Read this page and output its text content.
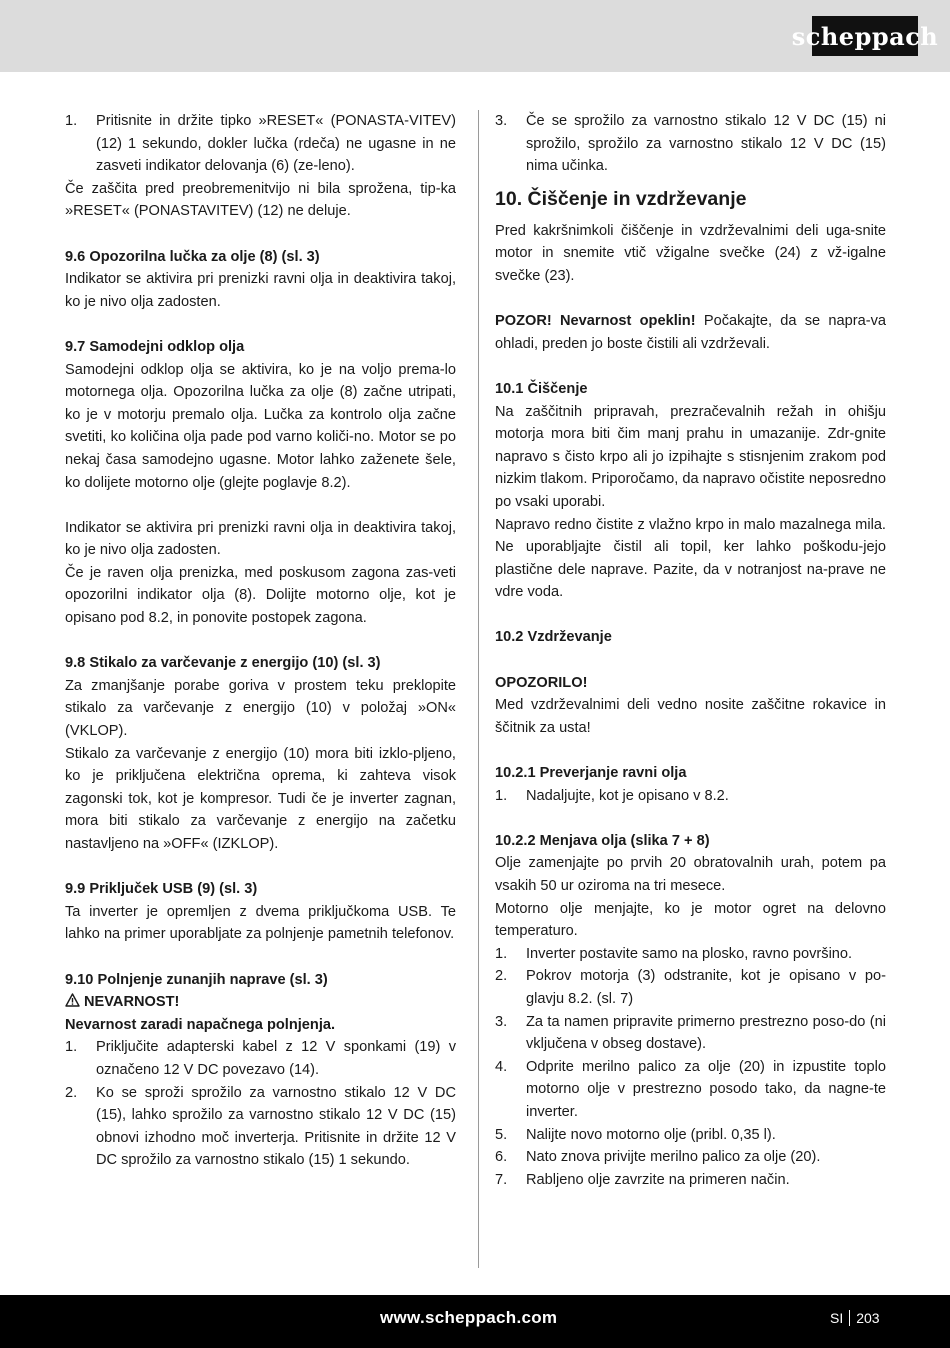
scheppach
1.	Pritisnite in držite tipko »RESET« (PONASTA-VITEV) (12) 1 sekundo, dokler lučka (rdeča) ne ugasne in ne zasveti indikator delovanja (6) (ze-leno).

Če zaščita pred preobremenitvijo ni bila sprožena, tip-ka »RESET« (PONASTAVITEV) (12) ne deluje.

9.6 Opozorilna lučka za olje (8) (sl. 3)

Indikator se aktivira pri prenizki ravni olja in deaktivira takoj, ko je nivo olja zadosten.

9.7 Samodejni odklop olja

Samodejni odklop olja se aktivira, ko je na voljo prema-lo motornega olja. Opozorilna lučka za olje (8) začne utripati, ko je v motorju premalo olja. Lučka za kontrolo olja začne svetiti, ko količina olja pade pod varno količi-no. Motor se po nekaj časa samodejno ugasne. Motor lahko zaženete šele, ko dolijete motorno olje (glejte poglavje 8.2).

Indikator se aktivira pri prenizki ravni olja in deaktivira takoj, ko je nivo olja zadosten.

Če je raven olja prenizka, med poskusom zagona zas-veti opozorilni indikator olja (8). Dolijte motorno olje, kot je opisano pod 8.2, in ponovite postopek zagona.

9.8 Stikalo za varčevanje z energijo (10) (sl. 3)

Za zmanjšanje porabe goriva v prostem teku preklopite stikalo za varčevanje z energijo (10) v položaj »ON« (VKLOP).

Stikalo za varčevanje z energijo (10) mora biti izklo-pljeno, ko je priključena električna oprema, ki zahteva visok zagonski tok, kot je kompresor. Tudi če je inverter zagnan, mora biti stikalo za varčevanje z energijo na začetku nastavljeno na »OFF« (IZKLOP).

9.9 Priključek USB (9) (sl. 3)

Ta inverter je opremljen z dvema priključkoma USB. Te lahko na primer uporabljate za polnjenje pametnih telefonov.

9.10 Polnjenje zunanjih naprave (sl. 3)

NEVARNOST!

Nevarnost zaradi napačnega polnjenja.

1.	Priključite adapterski kabel z 12 V sponkami (19) v označeno 12 V DC povezavo (14).
2.	Ko se sproži sprožilo za varnostno stikalo 12 V DC (15), lahko sprožilo za varnostno stikalo 12 V DC (15) obnovi izhodno moč inverterja. Pritisnite in držite 12 V DC sprožilo za varnostno stikalo (15) 1 sekundo.
3.	Če se sprožilo za varnostno stikalo 12 V DC (15) ni sprožilo, sprožilo za varnostno stikalo 12 V DC (15) nima učinka.
10. Čiščenje in vzdrževanje

Pred kakršnimkoli čiščenje in vzdrževalnimi deli uga-snite motor in snemite vtič vžigalne svečke (24) z vž-igalne svečke (23).

POZOR! Nevarnost opeklin! Počakajte, da se napra-va ohladi, preden jo boste čistili ali vzdrževali.

10.1 Čiščenje

Na zaščitnih pripravah, prezračevalnih režah in ohišju motorja mora biti čim manj prahu in umazanije. Zdr-gnite napravo s čisto krpo ali jo izpihajte s stisnjenim zrakom pod nizkim tlakom. Priporočamo, da napravo očistite neposredno po vsaki uporabi.

Napravo redno čistite z vlažno krpo in malo mazalnega mila. Ne uporabljajte čistil ali topil, ker lahko poškodu-jejo plastične dele naprave. Pazite, da v notranjost na-prave ne vdre voda.

10.2 Vzdrževanje

OPOZORILO!

Med vzdrževalnimi deli vedno nosite zaščitne rokavice in ščitnik za usta!

10.2.1 Preverjanje ravni olja

1.	Nadaljujte, kot je opisano v 8.2.

10.2.2 Menjava olja (slika 7 + 8)

Olje zamenjajte po prvih 20 obratovalnih urah, potem pa vsakih 50 ur oziroma na tri mesece.

Motorno olje menjajte, ko je motor ogret na delovno temperaturo.

1.	Inverter postavite samo na plosko, ravno površino.
2.	Pokrov motorja (3) odstranite, kot je opisano v po-glavju 8.2. (sl. 7)
3.	Za ta namen pripravite primerno prestrezno poso-do (ni vključena v obseg dostave).
4.	Odprite merilno palico za olje (20) in izpustite toplo motorno olje v prestrezno posodo tako, da nagne-te inverter.
5.	Nalijte novo motorno olje (pribl. 0,35 l).
6.	Nato znova privijte merilno palico za olje (20).
7.	Rabljeno olje zavrzite na primeren način.
www.scheppach.com	SI 203
